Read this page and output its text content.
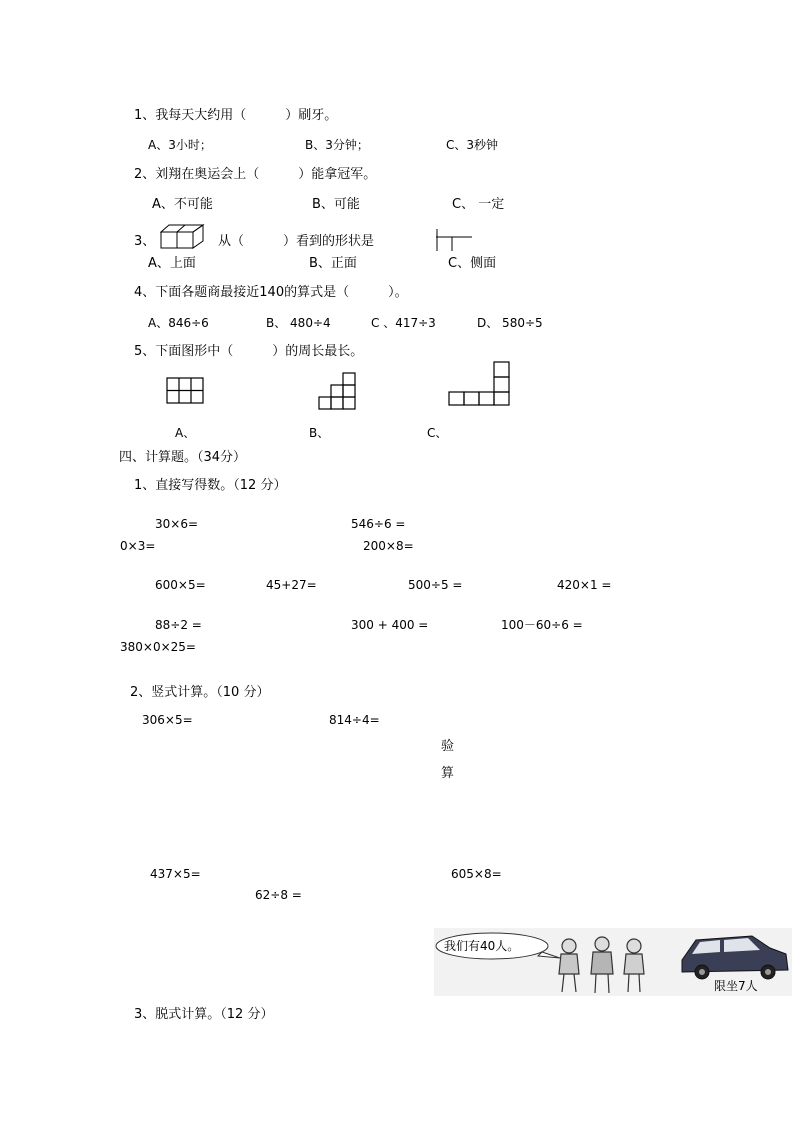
1、我每天大约用（　　　）刷牙。
A、3小时；	B、3分钟；	C、3秒钟
2、刘翔在奥运会上（　　　）能拿冠军。
A、不可能	B、可能	C、 一定
3、	从（　　　）看到的形状是
A、上面	B、正面	C、侧面
4、下面各题商最接近140的算式是（　　　）。
A、846÷6	B、 480÷4	C 、417÷3	D、 580÷5
5、下面图形中（　　　）的周长最长。
A、	B、	C、
四、计算题。（34分）
1、直接写得数。（12 分）
30×6=	546÷6 =
0×3=	200×8=
600×5=	45+27=	500÷5 =	420×1 =
88÷2 =	300 + 400 =	100－60÷6 =
380×0×25=
2、竖式计算。（10 分）
306×5=	814÷4=
验
算
437×5=	605×8=
62÷8 =
我们有40人。
限坐7人
3、脱式计算。（12 分）
